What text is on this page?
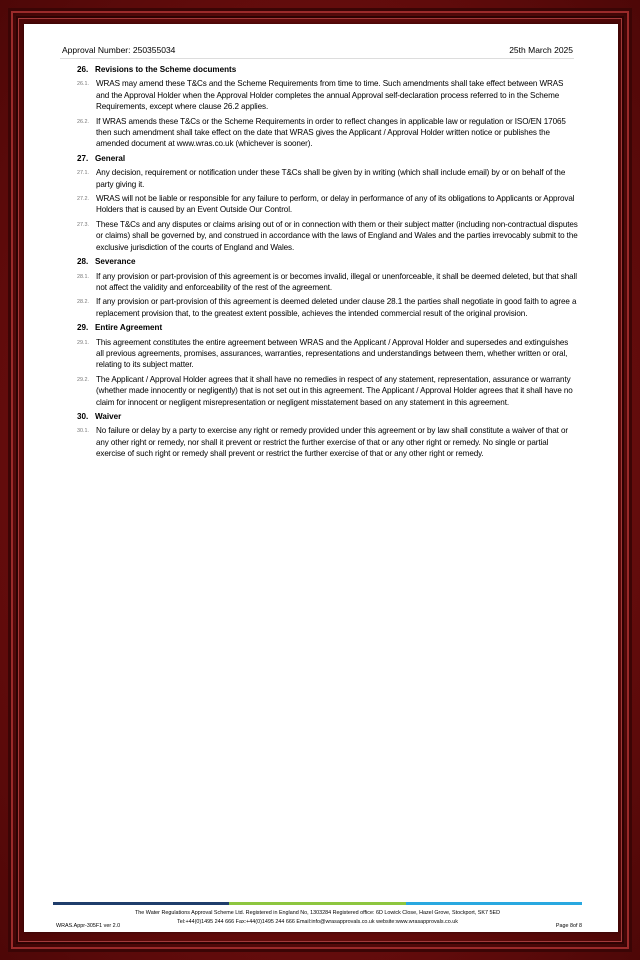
Approval Number: 250355034	25th March 2025
26. Revisions to the Scheme documents
26.1. WRAS may amend these T&Cs and the Scheme Requirements from time to time. Such amendments shall take effect between WRAS and the Approval Holder when the Approval Holder completes the annual Approval self-declaration process referred to in the Scheme Requirements, except where clause 26.2 applies.
26.2. If WRAS amends these T&Cs or the Scheme Requirements in order to reflect changes in applicable law or regulation or ISO/EN 17065 then such amendment shall take effect on the date that WRAS gives the Applicant / Approval Holder written notice or publishes the amended document at www.wras.co.uk (whichever is sooner).
27. General
27.1. Any decision, requirement or notification under these T&Cs shall be given by in writing (which shall include email) by or on behalf of the party giving it.
27.2. WRAS will not be liable or responsible for any failure to perform, or delay in performance of any of its obligations to Applicants or Approval Holders that is caused by an Event Outside Our Control.
27.3. These T&Cs and any disputes or claims arising out of or in connection with them or their subject matter (including non-contractual disputes or claims) shall be governed by, and construed in accordance with the laws of England and Wales and the parties irrevocably submit to the exclusive jurisdiction of the courts of England and Wales.
28. Severance
28.1. If any provision or part-provision of this agreement is or becomes invalid, illegal or unenforceable, it shall be deemed deleted, but that shall not affect the validity and enforceability of the rest of the agreement.
28.2. If any provision or part-provision of this agreement is deemed deleted under clause 28.1 the parties shall negotiate in good faith to agree a replacement provision that, to the greatest extent possible, achieves the intended commercial result of the original provision.
29. Entire Agreement
29.1. This agreement constitutes the entire agreement between WRAS and the Applicant / Approval Holder and supersedes and extinguishes all previous agreements, promises, assurances, warranties, representations and understandings between them, whether written or oral, relating to its subject matter.
29.2. The Applicant / Approval Holder agrees that it shall have no remedies in respect of any statement, representation, assurance or warranty (whether made innocently or negligently) that is not set out in this agreement. The Applicant / Approval Holder agrees that it shall have no claim for innocent or negligent misrepresentation or negligent misstatement based on any statement in this agreement.
30. Waiver
30.1. No failure or delay by a party to exercise any right or remedy provided under this agreement or by law shall constitute a waiver of that or any other right or remedy, nor shall it prevent or restrict the further exercise of that or any other right or remedy. No single or partial exercise of such right or remedy shall prevent or restrict the further exercise of that or any other right or remedy.
The Water Regulations Approval Scheme Ltd. Registered in England No, 1303284 Registered office: 6D Lowick Close, Hazel Grove, Stockport, SK7 5ED
Tel:+44(0)1495 244 666 Fax:+44(0)1495 244 666 Email:info@wrasapprovals.co.uk website:www.wrasapprovals.co.uk
WRAS.Appr-305F1 ver 2.0	Page 8of 8
